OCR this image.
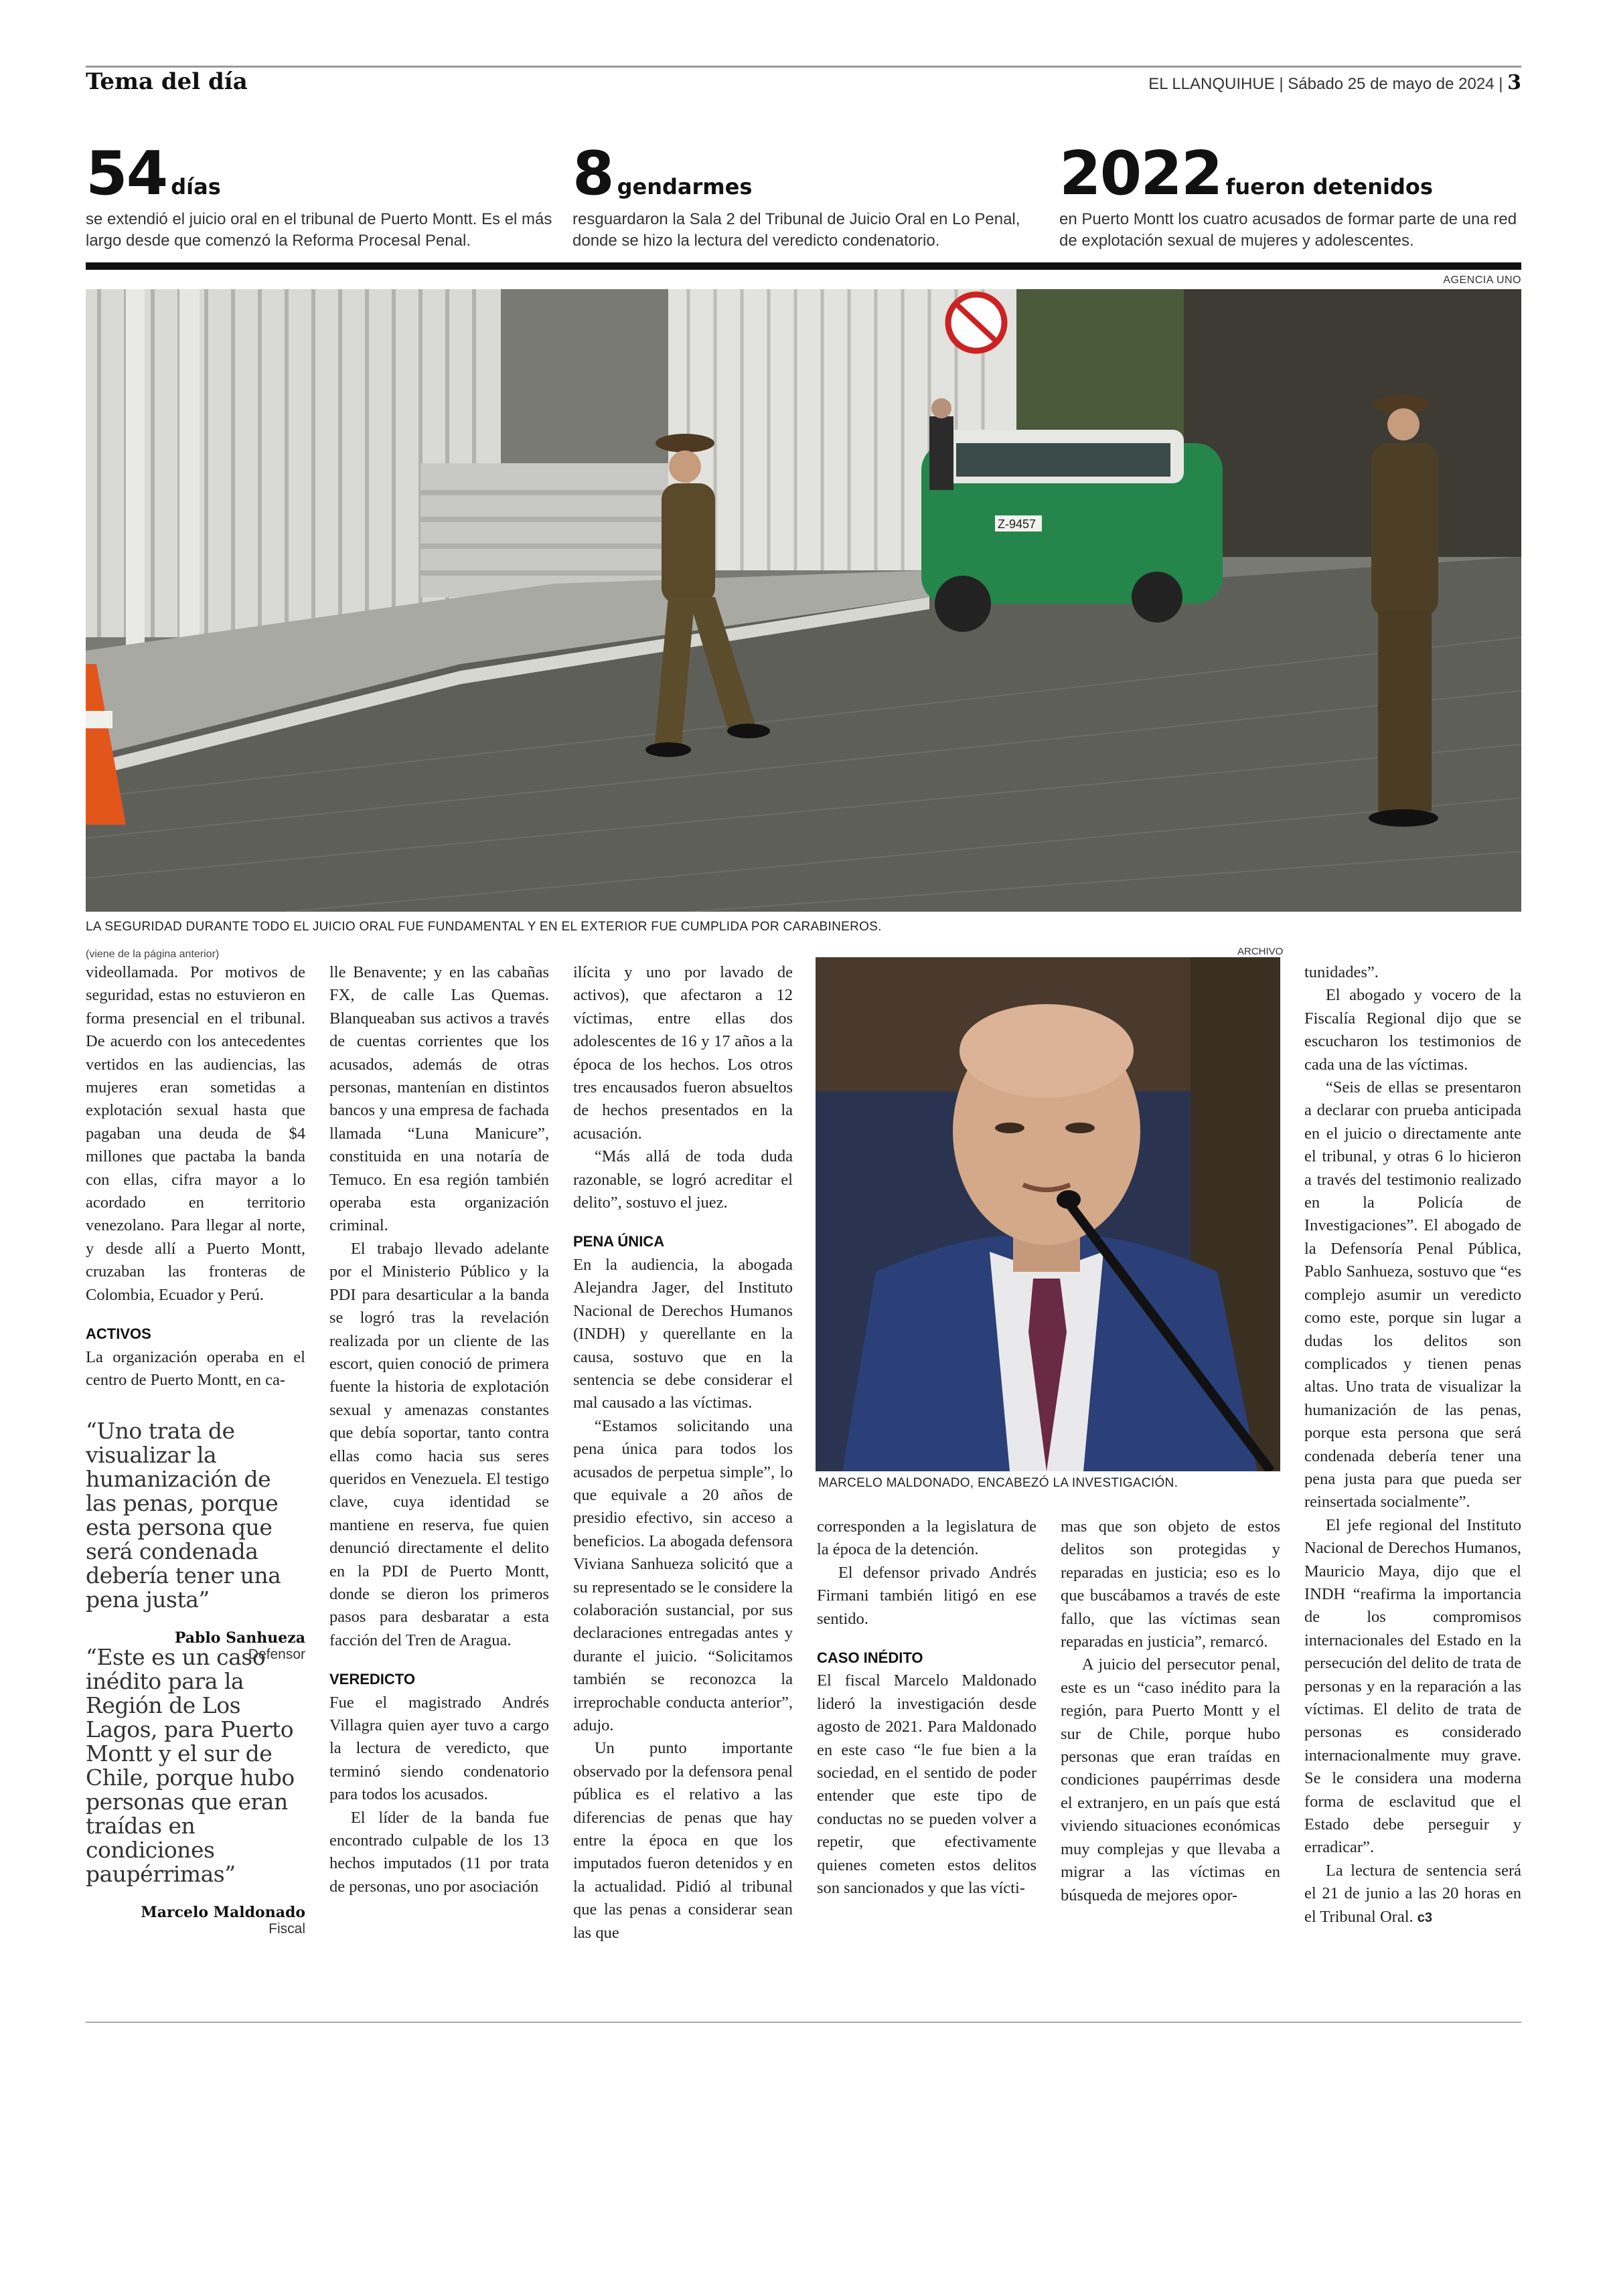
Tema del día	EL LLANQUIHUE | Sábado 25 de mayo de 2024 | 3
54 días
se extendió el juicio oral en el tribunal de Puerto Montt. Es el más largo desde que comenzó la Reforma Procesal Penal.
8 gendarmes
resguardaron la Sala 2 del Tribunal de Juicio Oral en Lo Penal, donde se hizo la lectura del veredicto condenatorio.
2022 fueron detenidos
en Puerto Montt los cuatro acusados de formar parte de una red de explotación sexual de mujeres y adolescentes.
AGENCIA UNO
Z-9457
LA SEGURIDAD DURANTE TODO EL JUICIO ORAL FUE FUNDAMENTAL Y EN EL EXTERIOR FUE CUMPLIDA POR CARABINEROS.
(viene de la página anterior)

videollamada. Por motivos de seguridad, estas no estuvieron en forma presencial en el tribunal. De acuerdo con los antecedentes vertidos en las audiencias, las mujeres eran sometidas a explotación sexual hasta que pagaban una deuda de $4 millones que pactaba la banda con ellas, cifra mayor a lo acordado en territorio venezolano. Para llegar al norte, y desde allí a Puerto Montt, cruzaban las fronteras de Colombia, Ecuador y Perú.

ACTIVOS

La organización operaba en el centro de Puerto Montt, en ca-

“Uno trata de visualizar la humanización de las penas, porque esta persona que será condenada debería tener una pena justa”
Pablo Sanhueza
Defensor
“Este es un caso inédito para la Región de Los Lagos, para Puerto Montt y el sur de Chile, porque hubo personas que eran traídas en condiciones paupérrimas”
Marcelo Maldonado
Fiscal

lle Benavente; y en las cabañas FX, de calle Las Quemas. Blanqueaban sus activos a través de cuentas corrientes que los acusados, además de otras personas, mantenían en distintos bancos y una empresa de fachada llamada “Luna Manicure”, constituida en una notaría de Temuco. En esa región también operaba esta organización criminal.

El trabajo llevado adelante por el Ministerio Público y la PDI para desarticular a la banda se logró tras la revelación realizada por un cliente de las escort, quien conoció de primera fuente la historia de explotación sexual y amenazas constantes que debía soportar, tanto contra ellas como hacia sus seres queridos en Venezuela. El testigo clave, cuya identidad se mantiene en reserva, fue quien denunció directamente el delito en la PDI de Puerto Montt, donde se dieron los primeros pasos para desbaratar a esta facción del Tren de Aragua.

VEREDICTO

Fue el magistrado Andrés Villagra quien ayer tuvo a cargo la lectura de veredicto, que terminó siendo condenatorio para todos los acusados.

El líder de la banda fue encontrado culpable de los 13 hechos imputados (11 por trata de personas, uno por asociación

ilícita y uno por lavado de activos), que afectaron a 12 víctimas, entre ellas dos adolescentes de 16 y 17 años a la época de los hechos. Los otros tres encausados fueron absueltos de hechos presentados en la acusación.

“Más allá de toda duda razonable, se logró acreditar el delito”, sostuvo el juez.

PENA ÚNICA

En la audiencia, la abogada Alejandra Jager, del Instituto Nacional de Derechos Humanos (INDH) y querellante en la causa, sostuvo que en la sentencia se debe considerar el mal causado a las víctimas.

“Estamos solicitando una pena única para todos los acusados de perpetua simple”, lo que equivale a 20 años de presidio efectivo, sin acceso a beneficios. La abogada defensora Viviana Sanhueza solicitó que a su representado se le considere la colaboración sustancial, por sus declaraciones entregadas antes y durante el juicio. “Solicitamos también se reconozca la irreprochable conducta anterior”, adujo.

Un punto importante observado por la defensora penal pública es el relativo a las diferencias de penas que hay entre la época en que los imputados fueron detenidos y en la actualidad. Pidió al tribunal que las penas a considerar sean las que

ARCHIVO
MARCELO MALDONADO, ENCABEZÓ LA INVESTIGACIÓN.

corresponden a la legislatura de la época de la detención.

El defensor privado Andrés Firmani también litigó en ese sentido.

CASO INÉDITO

El fiscal Marcelo Maldonado lideró la investigación desde agosto de 2021. Para Maldonado en este caso “le fue bien a la sociedad, en el sentido de poder entender que este tipo de conductas no se pueden volver a repetir, que efectivamente quienes cometen estos delitos son sancionados y que las vícti-

mas que son objeto de estos delitos son protegidas y reparadas en justicia; eso es lo que buscábamos a través de este fallo, que las víctimas sean reparadas en justicia”, remarcó.

A juicio del persecutor penal, este es un “caso inédito para la región, para Puerto Montt y el sur de Chile, porque hubo personas que eran traídas en condiciones paupérrimas desde el extranjero, en un país que está viviendo situaciones económicas muy complejas y que llevaba a migrar a las víctimas en búsqueda de mejores opor-

tunidades”.

El abogado y vocero de la Fiscalía Regional dijo que se escucharon los testimonios de cada una de las víctimas.

“Seis de ellas se presentaron a declarar con prueba anticipada en el juicio o directamente ante el tribunal, y otras 6 lo hicieron a través del testimonio realizado en la Policía de Investigaciones”. El abogado de la Defensoría Penal Pública, Pablo Sanhueza, sostuvo que “es complejo asumir un veredicto como este, porque sin lugar a dudas los delitos son complicados y tienen penas altas. Uno trata de visualizar la humanización de las penas, porque esta persona que será condenada debería tener una pena justa para que pueda ser reinsertada socialmente”.

El jefe regional del Instituto Nacional de Derechos Humanos, Mauricio Maya, dijo que el INDH “reafirma la importancia de los compromisos internacionales del Estado en la persecución del delito de trata de personas y en la reparación a las víctimas. El delito de trata de personas es considerado internacionalmente muy grave. Se le considera una moderna forma de esclavitud que el Estado debe perseguir y erradicar”.

La lectura de sentencia será el 21 de junio a las 20 horas en el Tribunal Oral. c3
